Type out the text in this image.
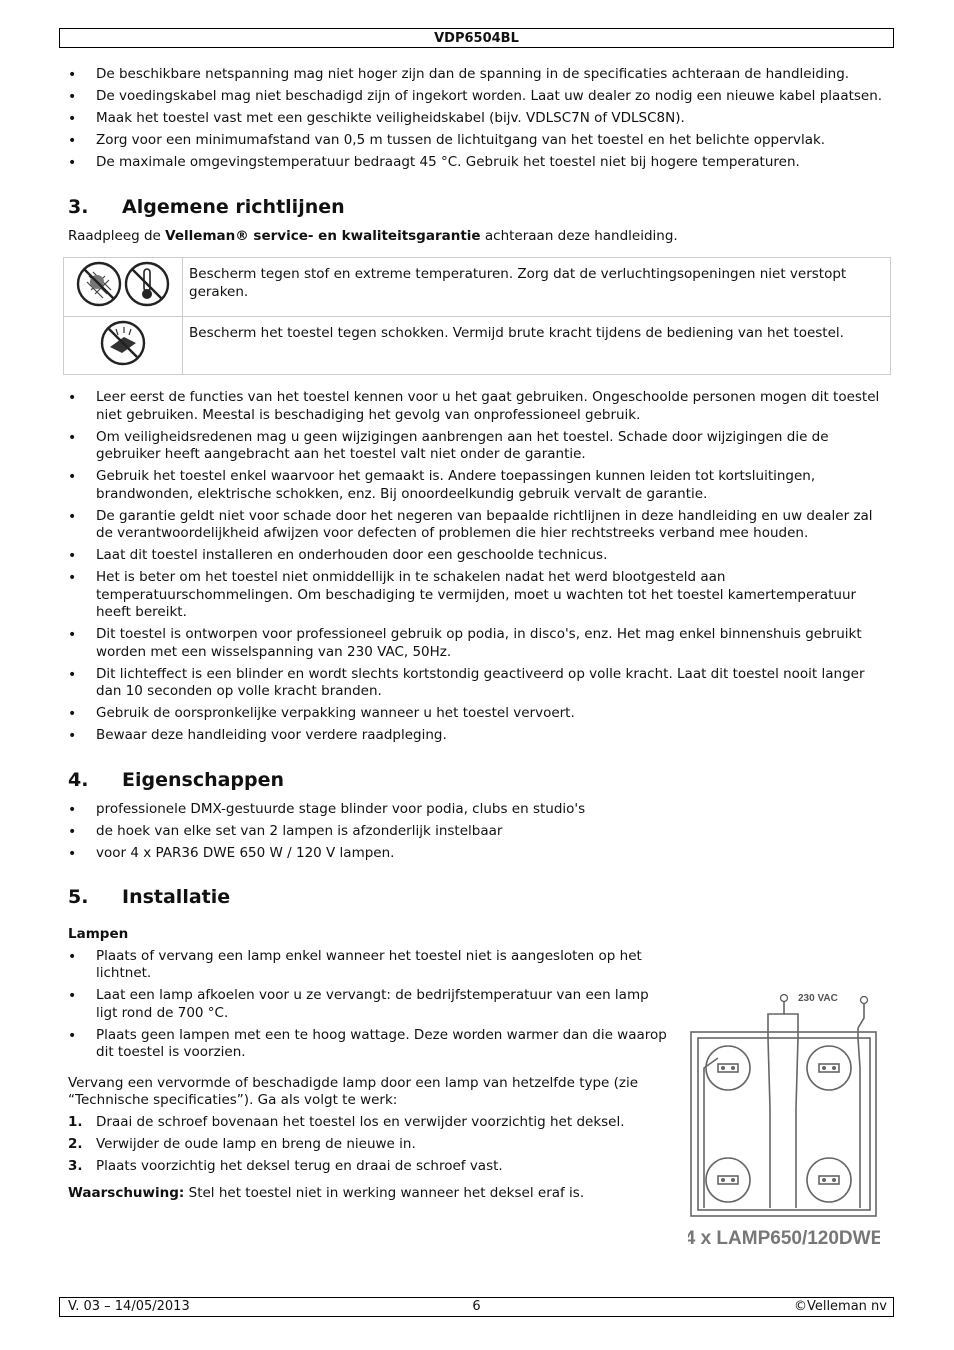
VDP6504BL
• De beschikbare netspanning mag niet hoger zijn dan de spanning in de specificaties achteraan de handleiding.
• De voedingskabel mag niet beschadigd zijn of ingekort worden. Laat uw dealer zo nodig een nieuwe kabel plaatsen.
• Maak het toestel vast met een geschikte veiligheidskabel (bijv. VDLSC7N of VDLSC8N).
• Zorg voor een minimumafstand van 0,5 m tussen de lichtuitgang van het toestel en het belichte oppervlak.
• De maximale omgevingstemperatuur bedraagt 45 °C. Gebruik het toestel niet bij hogere temperaturen.
3. Algemene richtlijnen

Raadpleeg de Velleman® service- en kwaliteitsgarantie achteraan deze handleiding.

	Bescherm tegen stof en extreme temperaturen. Zorg dat de verluchtingsopeningen niet verstopt geraken.
	Bescherm het toestel tegen schokken. Vermijd brute kracht tijdens de bediening van het toestel.
• Leer eerst de functies van het toestel kennen voor u het gaat gebruiken. Ongeschoolde personen mogen dit toestel niet gebruiken. Meestal is beschadiging het gevolg van onprofessioneel gebruik.
• Om veiligheidsredenen mag u geen wijzigingen aanbrengen aan het toestel. Schade door wijzigingen die de gebruiker heeft aangebracht aan het toestel valt niet onder de garantie.
• Gebruik het toestel enkel waarvoor het gemaakt is. Andere toepassingen kunnen leiden tot kortsluitingen, brandwonden, elektrische schokken, enz. Bij onoordeelkundig gebruik vervalt de garantie.
• De garantie geldt niet voor schade door het negeren van bepaalde richtlijnen in deze handleiding en uw dealer zal de verantwoordelijkheid afwijzen voor defecten of problemen die hier rechtstreeks verband mee houden.
• Laat dit toestel installeren en onderhouden door een geschoolde technicus.
• Het is beter om het toestel niet onmiddellijk in te schakelen nadat het werd blootgesteld aan temperatuurschommelingen. Om beschadiging te vermijden, moet u wachten tot het toestel kamertemperatuur heeft bereikt.
• Dit toestel is ontworpen voor professioneel gebruik op podia, in disco's, enz. Het mag enkel binnenshuis gebruikt worden met een wisselspanning van 230 VAC, 50Hz.
• Dit lichteffect is een blinder en wordt slechts kortstondig geactiveerd op volle kracht. Laat dit toestel nooit langer dan 10 seconden op volle kracht branden.
• Gebruik de oorspronkelijke verpakking wanneer u het toestel vervoert.
• Bewaar deze handleiding voor verdere raadpleging.
4. Eigenschappen
• professionele DMX-gestuurde stage blinder voor podia, clubs en studio's
• de hoek van elke set van 2 lampen is afzonderlijk instelbaar
• voor 4 x PAR36 DWE 650 W / 120 V lampen.
5. Installatie
Lampen
• Plaats of vervang een lamp enkel wanneer het toestel niet is aangesloten op het lichtnet.
• Laat een lamp afkoelen voor u ze vervangt: de bedrijfstemperatuur van een lamp ligt rond de 700 °C.
• Plaats geen lampen met een te hoog wattage. Deze worden warmer dan die waarop dit toestel is voorzien.

Vervang een vervormde of beschadigde lamp door een lamp van hetzelfde type (zie “Technische specificaties”). Ga als volgt te werk:

1. Draai de schroef bovenaan het toestel los en verwijder voorzichtig het deksel.
2. Verwijder de oude lamp en breng de nieuwe in.
3. Plaats voorzichtig het deksel terug en draai de schroef vast.

Waarschuwing: Stel het toestel niet in werking wanneer het deksel eraf is.

230 VAC
4 x LAMP650/120DWE
V. 03 – 14/05/2013	6	©Velleman nv
